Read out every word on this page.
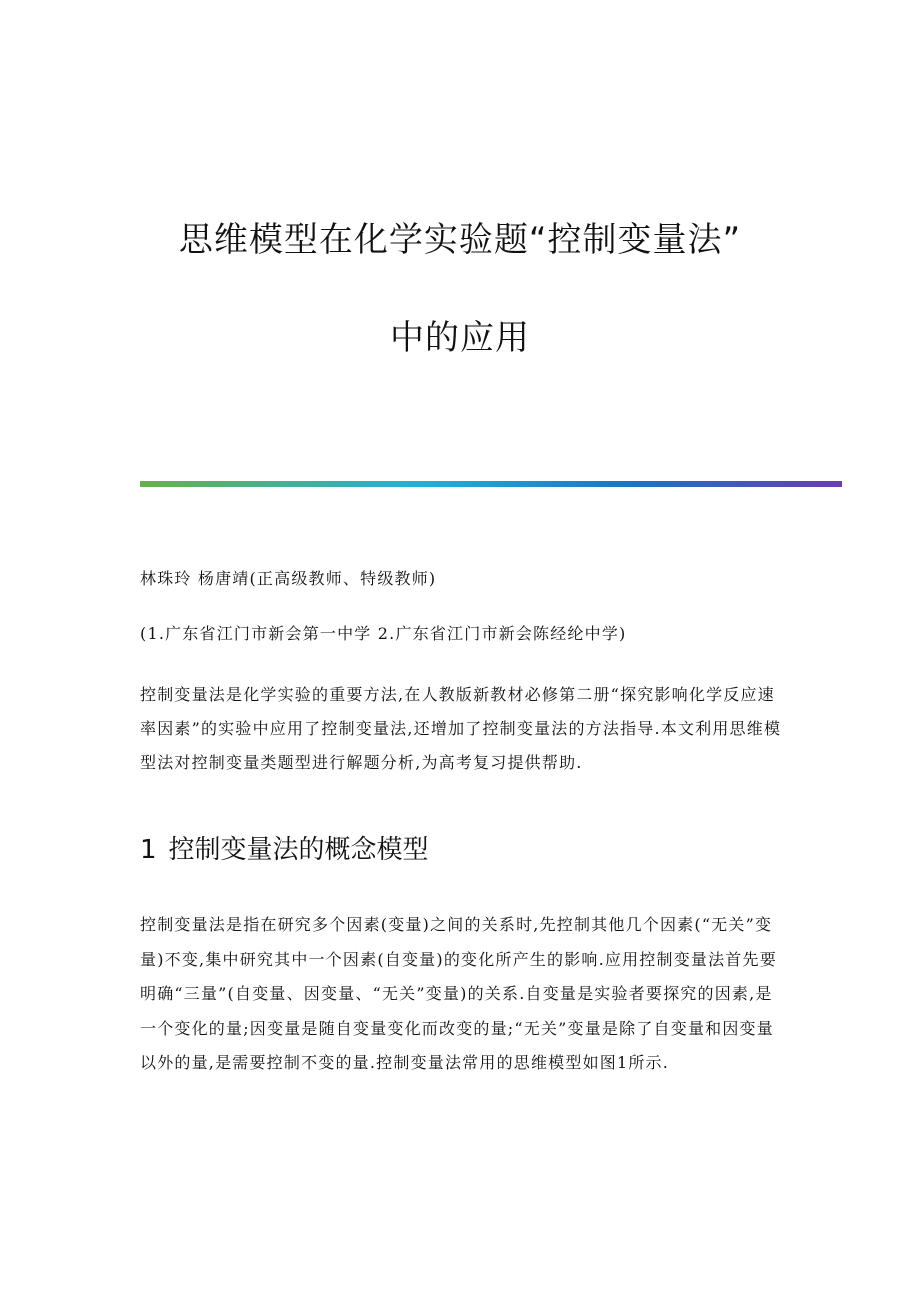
思维模型在化学实验题“控制变量法”
中的应用

林珠玲 杨唐靖(正高级教师、特级教师)

(1.广东省江门市新会第一中学 2.广东省江门市新会陈经纶中学)

控制变量法是化学实验的重要方法,在人教版新教材必修第二册“探究影响化学反应速率因素”的实验中应用了控制变量法,还增加了控制变量法的方法指导.本文利用思维模型法对控制变量类题型进行解题分析,为高考复习提供帮助.

1 控制变量法的概念模型

控制变量法是指在研究多个因素(变量)之间的关系时,先控制其他几个因素(“无关”变量)不变,集中研究其中一个因素(自变量)的变化所产生的影响.应用控制变量法首先要明确“三量”(自变量、因变量、“无关”变量)的关系.自变量是实验者要探究的因素,是一个变化的量;因变量是随自变量变化而改变的量;“无关”变量是除了自变量和因变量以外的量,是需要控制不变的量.控制变量法常用的思维模型如图1所示.
